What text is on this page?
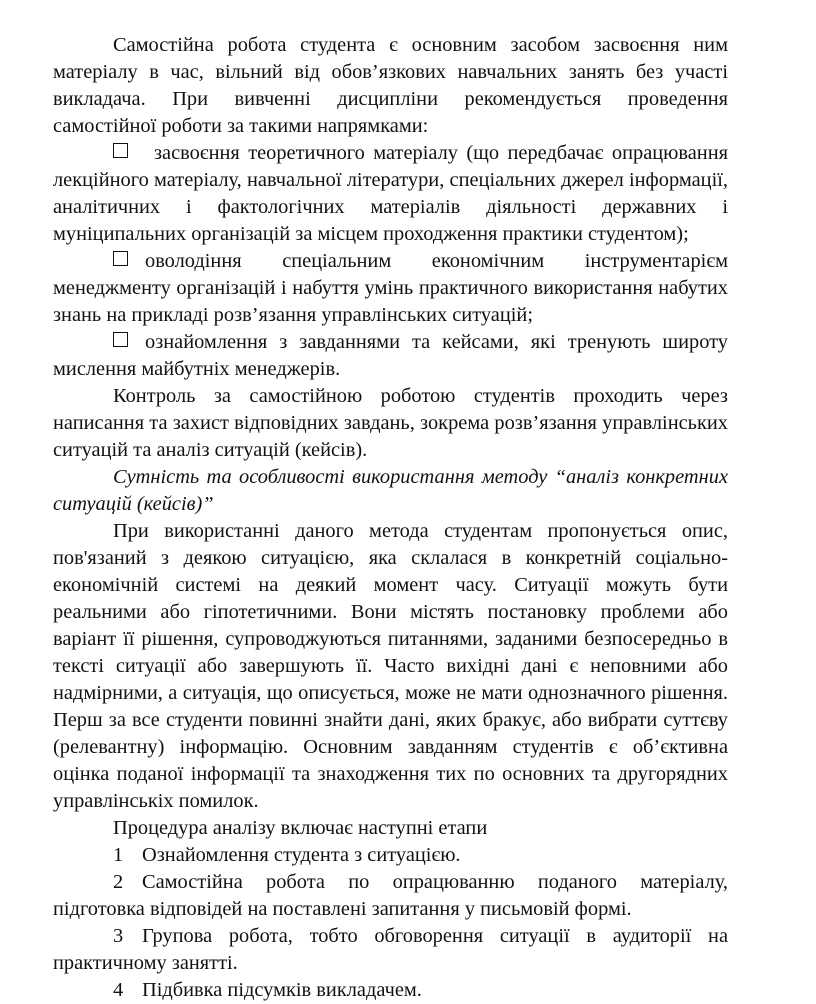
Самостійна робота студента є основним засобом засвоєння ним матеріалу в час, вільний від обов’язкових навчальних занять без участі викладача. При вивченні дисципліни рекомендується проведення самостійної роботи за такими напрямками:

засвоєння теоретичного матеріалу (що передбачає опрацювання лекційного матеріалу, навчальної літератури, спеціальних джерел інформації, аналітичних і фактологічних матеріалів діяльності державних і муніципальних організацій за місцем проходження практики студентом);

оволодіння спеціальним економічним інструментарієм менеджменту організацій і набуття умінь практичного використання набутих знань на прикладі розв’язання управлінських ситуацій;

ознайомлення з завданнями та кейсами, які тренують широту мислення майбутніх менеджерів.

Контроль за самостійною роботою студентів проходить через написання та захист відповідних завдань, зокрема розв’язання управлінських ситуацій та аналіз ситуацій (кейсів).

Сутність та особливості використання методу “аналіз конкретних ситуацій (кейсів)”

При використанні даного метода студентам пропонується опис, пов'язаний з деякою ситуацією, яка склалася в конкретній соціально-економічній системі на деякий момент часу. Ситуації можуть бути реальними або гіпотетичними. Вони містять постановку проблеми або варіант її рішення, супроводжуються питаннями, заданими безпосередньо в тексті ситуації або завершують її. Часто вихідні дані є неповними або надмірними, а ситуація, що описується, може не мати однозначного рішення. Перш за все студенти повинні знайти дані, яких бракує, або вибрати суттєву (релевантну) інформацію. Основним завданням студентів є об’єктивна оцінка поданої інформації та знаходження тих по основних та другорядних управлінськіх помилок.

Процедура аналізу включає наступні етапи

1 Ознайомлення студента з ситуацією.

2 Самостійна робота по опрацюванню поданого матеріалу, підготовка відповідей на поставлені запитання у письмовій формі.

3 Групова робота, тобто обговорення ситуації в аудиторії на практичному занятті.

4 Підбивка підсумків викладачем.
